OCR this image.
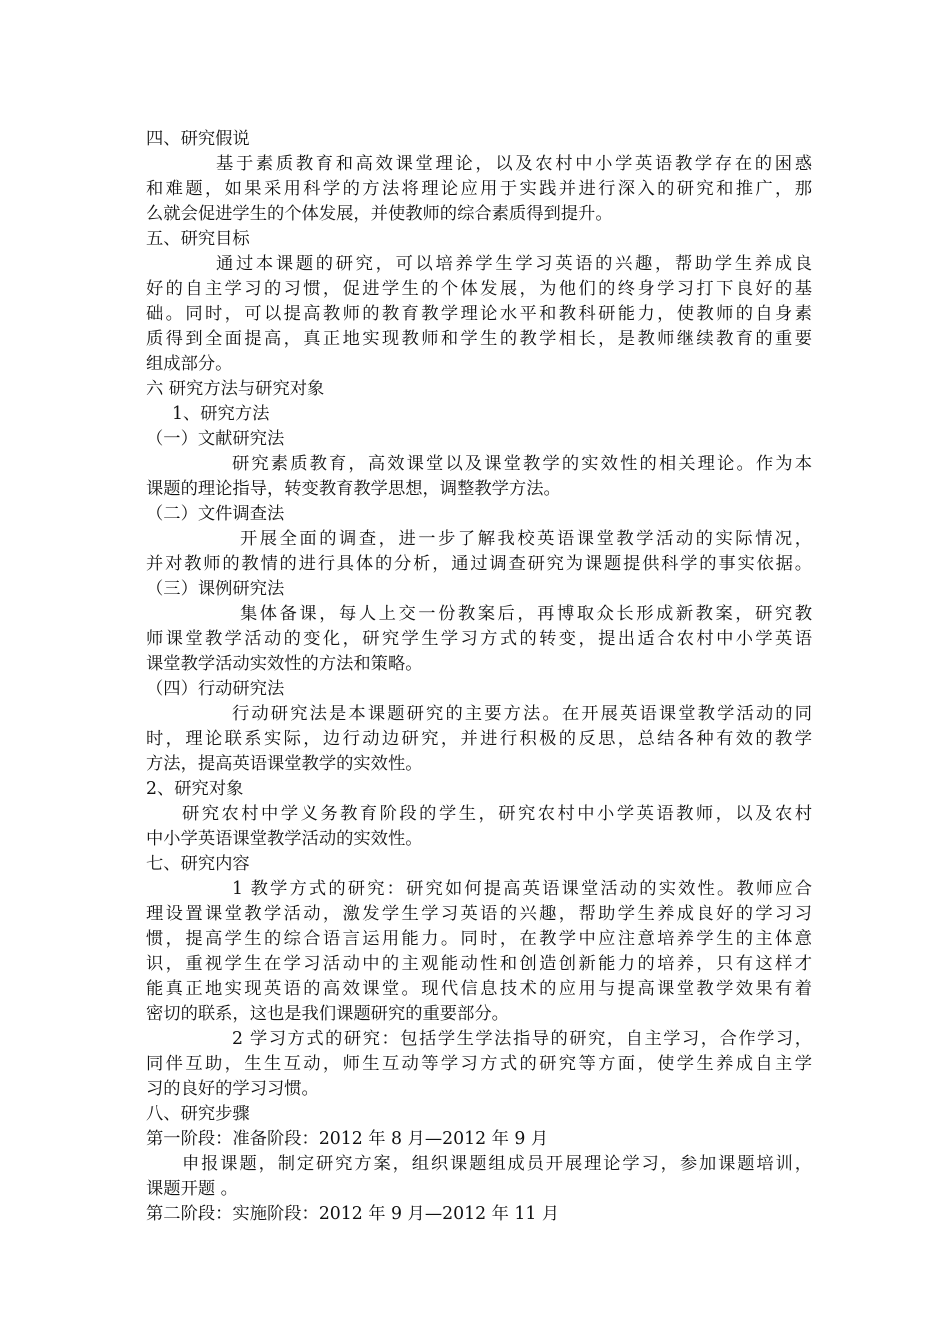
四、研究假说
基于素质教育和高效课堂理论，以及农村中小学英语教学存在的困惑
和难题，如果采用科学的方法将理论应用于实践并进行深入的研究和推广，那
么就会促进学生的个体发展，并使教师的综合素质得到提升。
五、研究目标
通过本课题的研究，可以培养学生学习英语的兴趣，帮助学生养成良
好的自主学习的习惯，促进学生的个体发展，为他们的终身学习打下良好的基
础。同时，可以提高教师的教育教学理论水平和教科研能力，使教师的自身素
质得到全面提高，真正地实现教师和学生的教学相长，是教师继续教育的重要
组成部分。
六 研究方法与研究对象
1、研究方法
（一）文献研究法
研究素质教育，高效课堂以及课堂教学的实效性的相关理论。作为本
课题的理论指导，转变教育教学思想，调整教学方法。
（二）文件调查法
开展全面的调查，进一步了解我校英语课堂教学活动的实际情况，
并对教师的教情的进行具体的分析，通过调查研究为课题提供科学的事实依据。
（三）课例研究法
集体备课，每人上交一份教案后，再博取众长形成新教案，研究教
师课堂教学活动的变化，研究学生学习方式的转变，提出适合农村中小学英语
课堂教学活动实效性的方法和策略。
（四）行动研究法
行动研究法是本课题研究的主要方法。在开展英语课堂教学活动的同
时，理论联系实际，边行动边研究，并进行积极的反思，总结各种有效的教学
方法，提高英语课堂教学的实效性。
2、研究对象
研究农村中学义务教育阶段的学生，研究农村中小学英语教师，以及农村
中小学英语课堂教学活动的实效性。
七、研究内容
1 教学方式的研究：研究如何提高英语课堂活动的实效性。教师应合
理设置课堂教学活动，激发学生学习英语的兴趣，帮助学生养成良好的学习习
惯，提高学生的综合语言运用能力。同时，在教学中应注意培养学生的主体意
识，重视学生在学习活动中的主观能动性和创造创新能力的培养，只有这样才
能真正地实现英语的高效课堂。现代信息技术的应用与提高课堂教学效果有着
密切的联系，这也是我们课题研究的重要部分。
2 学习方式的研究：包括学生学法指导的研究，自主学习，合作学习，
同伴互助，生生互动，师生互动等学习方式的研究等方面，使学生养成自主学
习的良好的学习习惯。
八、研究步骤
第一阶段：准备阶段：2012 年 8 月—2012 年 9 月
申报课题，制定研究方案，组织课题组成员开展理论学习，参加课题培训，
课题开题 。
第二阶段：实施阶段：2012 年 9 月—2012 年 11 月
